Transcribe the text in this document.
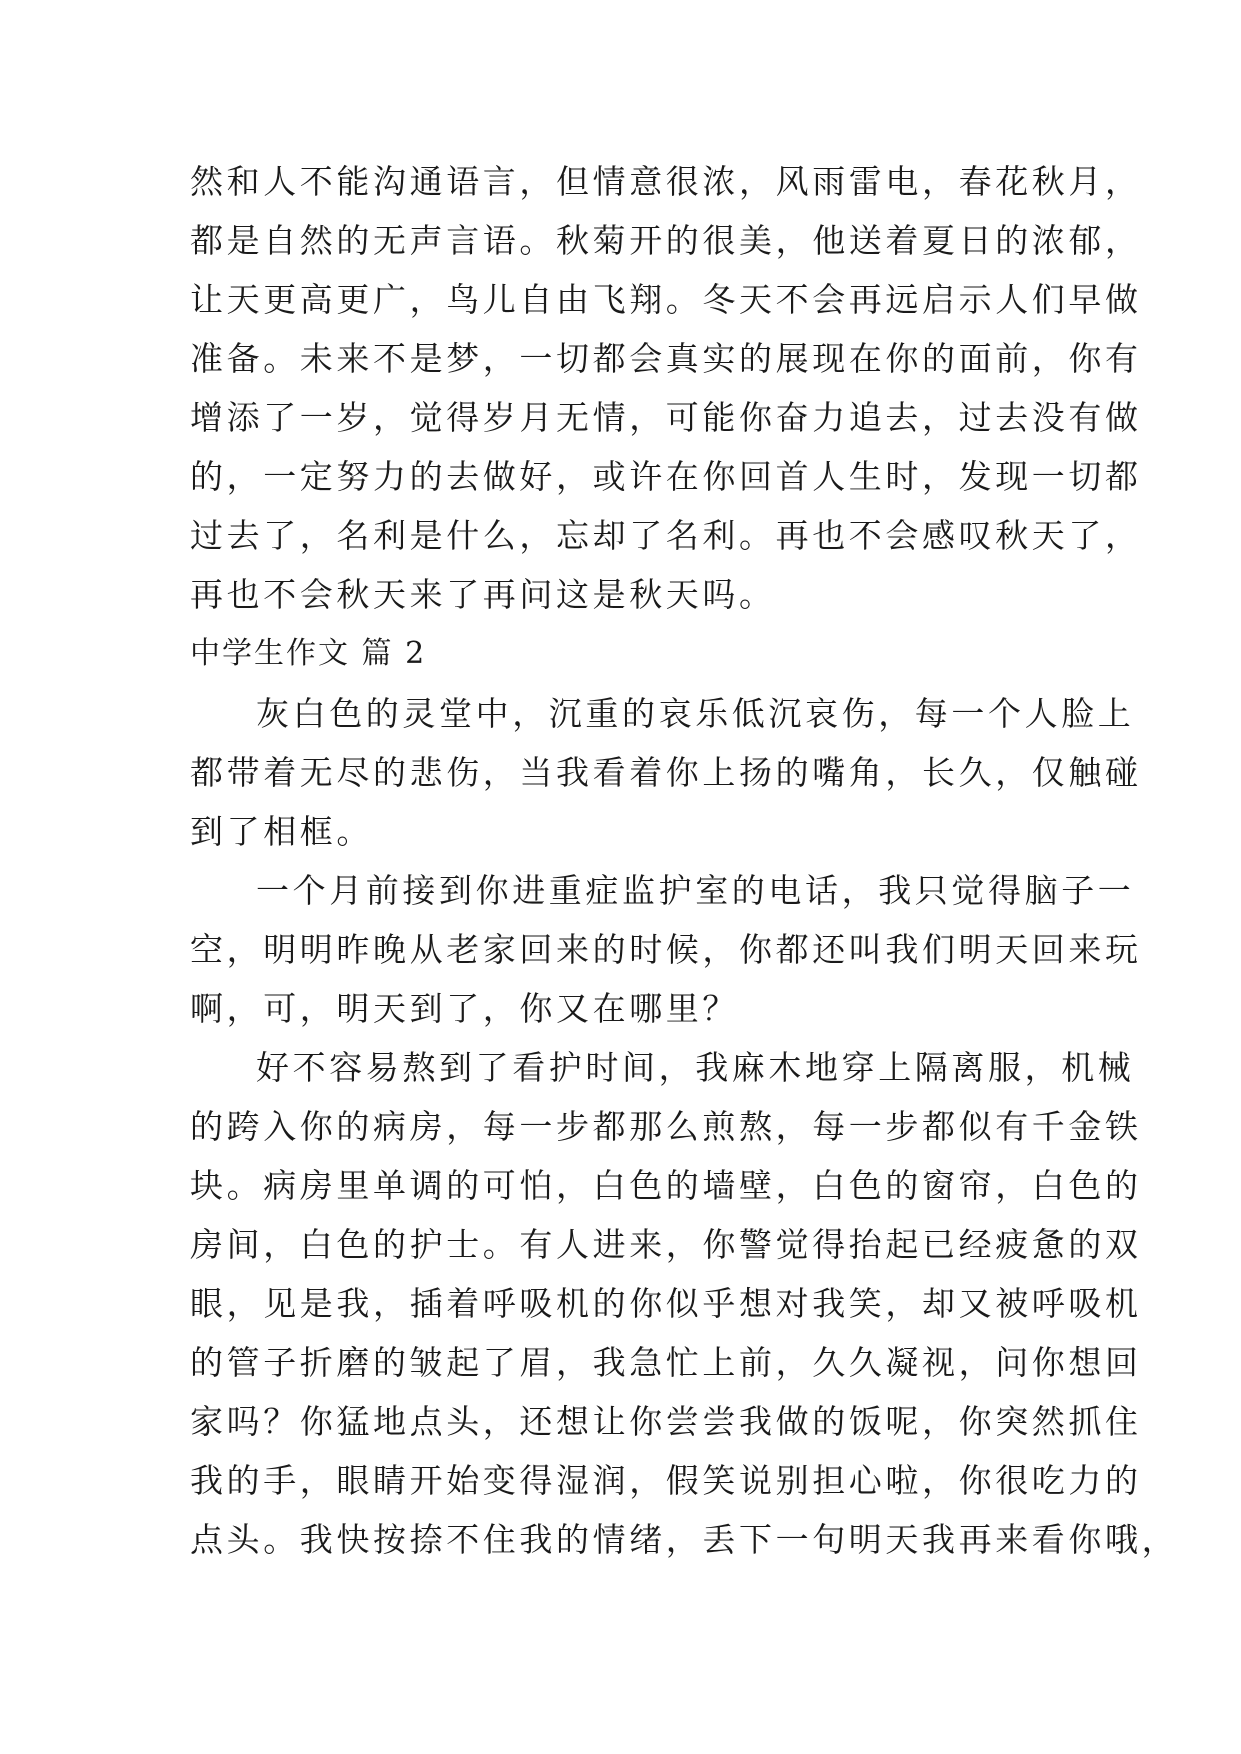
然和人不能沟通语言，但情意很浓，风雨雷电，春花秋月，
都是自然的无声言语。秋菊开的很美，他送着夏日的浓郁，
让天更高更广，鸟儿自由飞翔。冬天不会再远启示人们早做
准备。未来不是梦，一切都会真实的展现在你的面前，你有
增添了一岁，觉得岁月无情，可能你奋力追去，过去没有做
的，一定努力的去做好，或许在你回首人生时，发现一切都
过去了，名利是什么，忘却了名利。再也不会感叹秋天了，
再也不会秋天来了再问这是秋天吗。
中学生作文 篇 2
灰白色的灵堂中，沉重的哀乐低沉哀伤，每一个人脸上
都带着无尽的悲伤，当我看着你上扬的嘴角，长久，仅触碰
到了相框。
一个月前接到你进重症监护室的电话，我只觉得脑子一
空，明明昨晚从老家回来的时候，你都还叫我们明天回来玩
啊，可，明天到了，你又在哪里？
好不容易熬到了看护时间，我麻木地穿上隔离服，机械
的跨入你的病房，每一步都那么煎熬，每一步都似有千金铁
块。病房里单调的可怕，白色的墙壁，白色的窗帘，白色的
房间，白色的护士。有人进来，你警觉得抬起已经疲惫的双
眼，见是我，插着呼吸机的你似乎想对我笑，却又被呼吸机
的管子折磨的皱起了眉，我急忙上前，久久凝视，问你想回
家吗？你猛地点头，还想让你尝尝我做的饭呢，你突然抓住
我的手，眼睛开始变得湿润，假笑说别担心啦，你很吃力的
点头。我快按捺不住我的情绪，丢下一句明天我再来看你哦，
